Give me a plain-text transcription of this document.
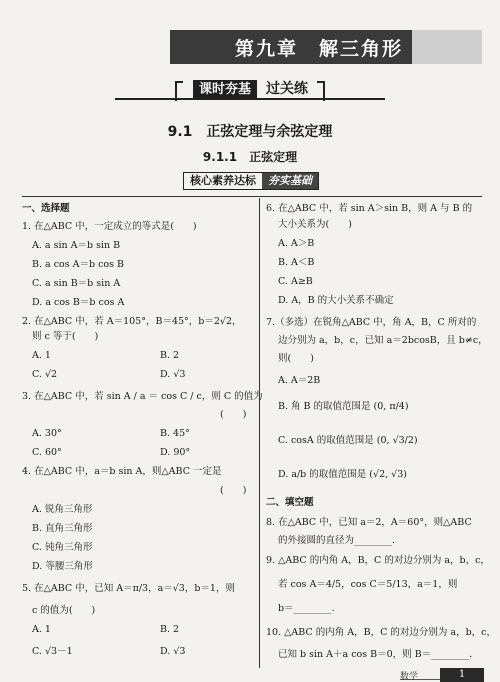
第九章　解三角形
课时夯基	过关练
9.1　正弦定理与余弦定理
9.1.1　正弦定理
核心素养达标	夯实基础
一、选择题
1. 在△ABC 中，一定成立的等式是(　　)
A. a sin A＝b sin B
B. a cos A＝b cos B
C. a sin B＝b sin A
D. a cos B＝b cos A
2. 在△ABC 中，若 A＝105°，B＝45°，b＝2√2，
则 c 等于(　　)
A. 1	B. 2
C. √2	D. √3
3. 在△ABC 中，若 sin A / a ＝ cos C / c，则 C 的值为
(　　)
A. 30°	B. 45°
C. 60°	D. 90°
4. 在△ABC 中，a＝b sin A，则△ABC 一定是
(　　)
A. 锐角三角形
B. 直角三角形
C. 钝角三角形
D. 等腰三角形
5. 在△ABC 中，已知 A＝π/3，a＝√3，b＝1，则
c 的值为(　　)
A. 1	B. 2
C. √3－1	D. √3
6. 在△ABC 中，若 sin A＞sin B，则 A 与 B 的
大小关系为(　　)
A. A＞B
B. A＜B
C. A≥B
D. A，B 的大小关系不确定
7.（多选）在锐角△ABC 中，角 A，B，C 所对的
边分别为 a，b，c，已知 a＝2bcosB，且 b≠c，
则(　　)
A. A＝2B
B. 角 B 的取值范围是 (0, π/4)
C. cosA 的取值范围是 (0, √3/2)
D. a/b 的取值范围是 (√2, √3)
二、填空题
8. 在△ABC 中，已知 a＝2，A＝60°，则△ABC
的外接圆的直径为________.
9. △ABC 的内角 A，B，C 的对边分别为 a，b，c，
若 cos A＝4/5，cos C＝5/13，a＝1，则
b＝________.
10. △ABC 的内角 A，B，C 的对边分别为 a，b，c，
已知 b sin A＋a cos B＝0，则 B＝________.
数学	1
